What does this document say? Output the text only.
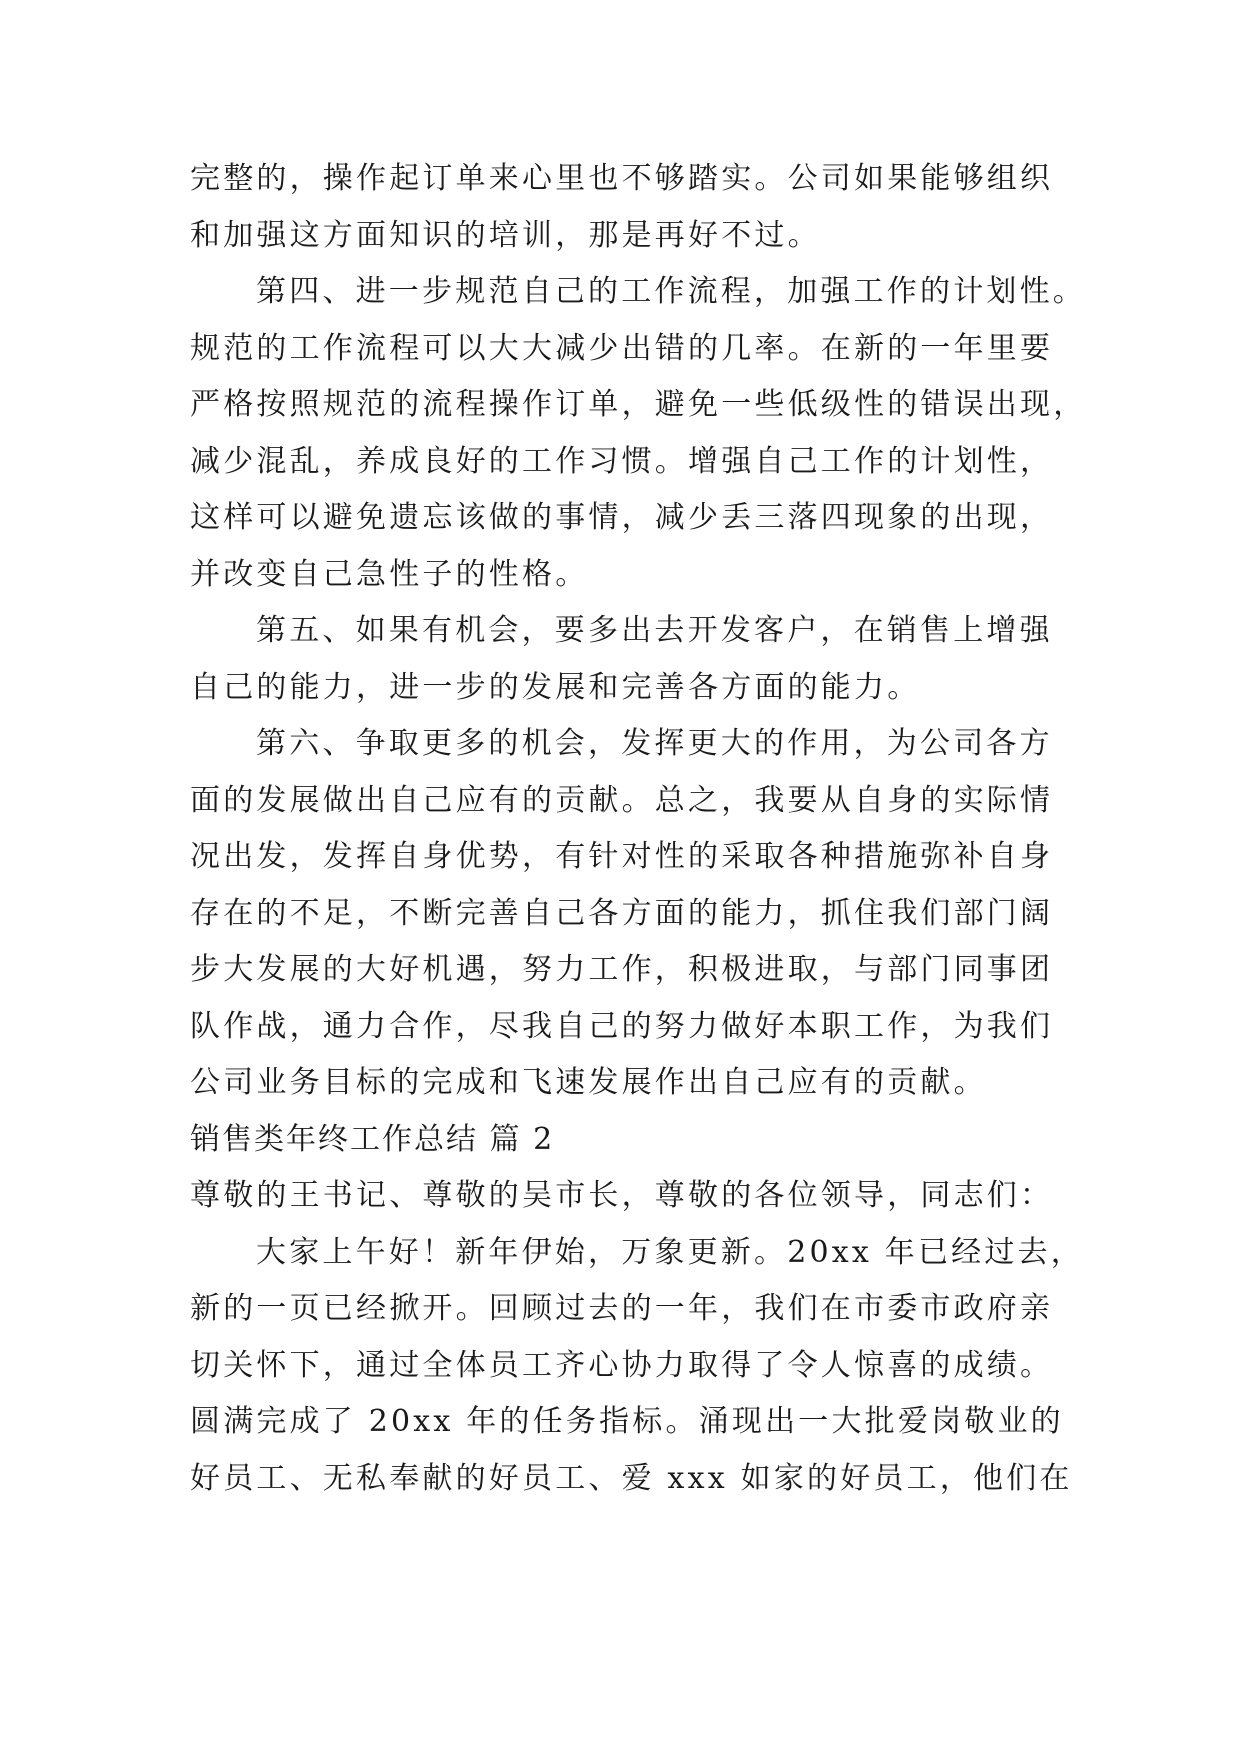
完整的，操作起订单来心里也不够踏实。公司如果能够组织
和加强这方面知识的培训，那是再好不过。
第四、进一步规范自己的工作流程，加强工作的计划性。
规范的工作流程可以大大减少出错的几率。在新的一年里要
严格按照规范的流程操作订单，避免一些低级性的错误出现，
减少混乱，养成良好的工作习惯。增强自己工作的计划性，
这样可以避免遗忘该做的事情，减少丢三落四现象的出现，
并改变自己急性子的性格。
第五、如果有机会，要多出去开发客户，在销售上增强
自己的能力，进一步的发展和完善各方面的能力。
第六、争取更多的机会，发挥更大的作用，为公司各方
面的发展做出自己应有的贡献。总之，我要从自身的实际情
况出发，发挥自身优势，有针对性的采取各种措施弥补自身
存在的不足，不断完善自己各方面的能力，抓住我们部门阔
步大发展的大好机遇，努力工作，积极进取，与部门同事团
队作战，通力合作，尽我自己的努力做好本职工作，为我们
公司业务目标的完成和飞速发展作出自己应有的贡献。
销售类年终工作总结 篇 2
尊敬的王书记、尊敬的吴市长，尊敬的各位领导，同志们：
大家上午好！新年伊始，万象更新。20xx 年已经过去，
新的一页已经掀开。回顾过去的一年，我们在市委市政府亲
切关怀下，通过全体员工齐心协力取得了令人惊喜的成绩。
圆满完成了 20xx 年的任务指标。涌现出一大批爱岗敬业的
好员工、无私奉献的好员工、爱 xxx 如家的好员工，他们在
